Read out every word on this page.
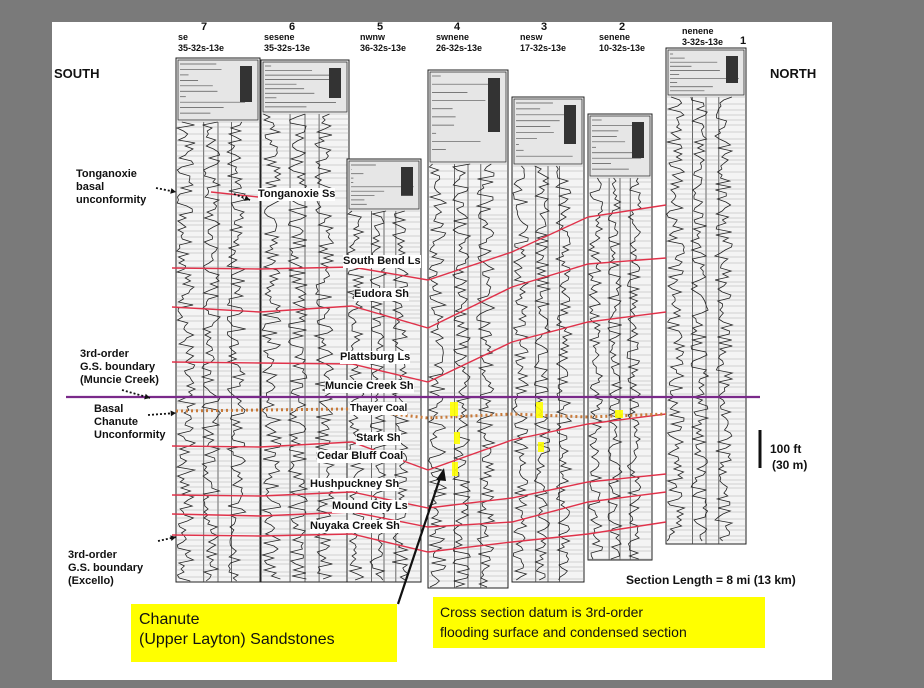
SOUTH	NORTH
7
se
35-32s-13e
6
sesene
35-32s-13e
5
nwnw
36-32s-13e
4
swnene
26-32s-13e
3
nesw
17-32s-13e
2
senene
10-32s-13e
nenene
3-32s-13e 1
Tonganoxie
basal
unconformity
3rd-order
G.S. boundary
(Muncie Creek)
Basal
Chanute
Unconformity
3rd-order
G.S. boundary
(Excello)
Tonganoxie Ss
South Bend Ls
Eudora Sh
Plattsburg Ls
Muncie Creek Sh
Thayer Coal
Stark Sh
Cedar Bluff Coal
Hushpuckney Sh
Mound City Ls
Nuyaka Creek Sh
100 ft
(30 m)
Section Length = 8 mi (13 km)
Chanute
(Upper Layton) Sandstones
Cross section datum is 3rd-order
flooding surface and condensed section
